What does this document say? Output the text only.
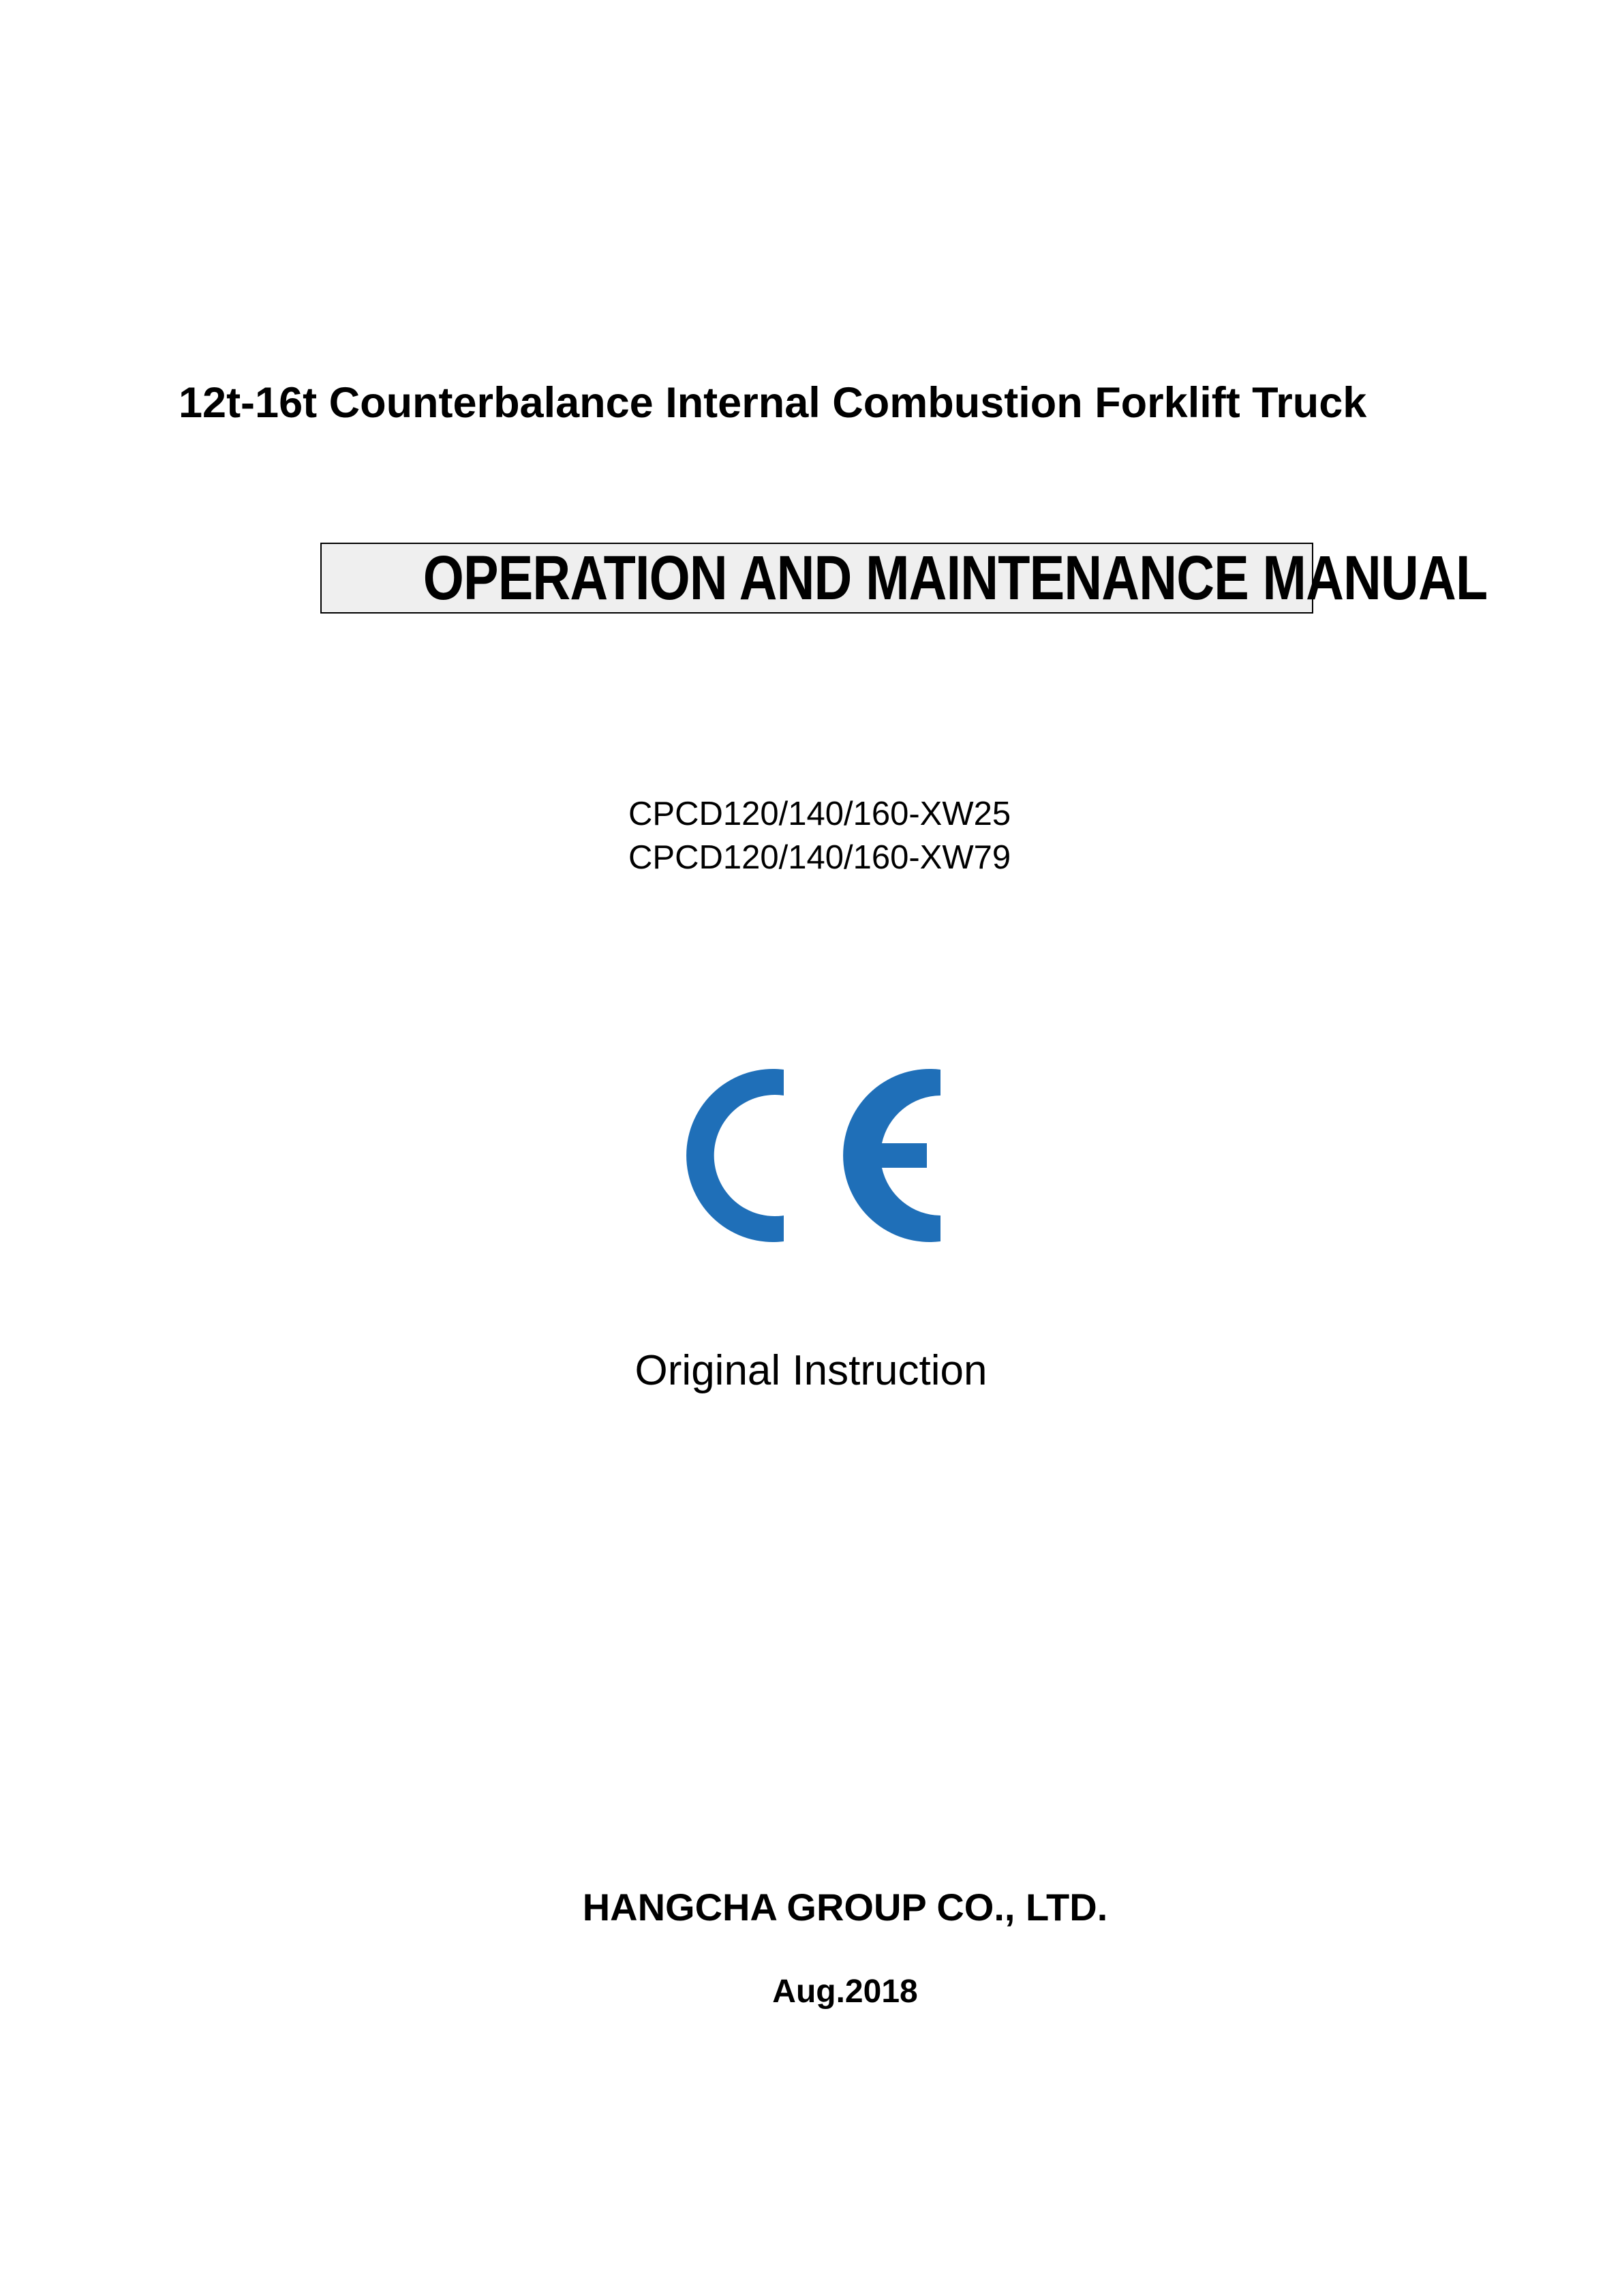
12t-16t Counterbalance Internal Combustion Forklift Truck
OPERATION AND MAINTENANCE MANUAL
CPCD120/140/160-XW25
CPCD120/140/160-XW79
Original Instruction
HANGCHA GROUP CO., LTD.
Aug.2018
